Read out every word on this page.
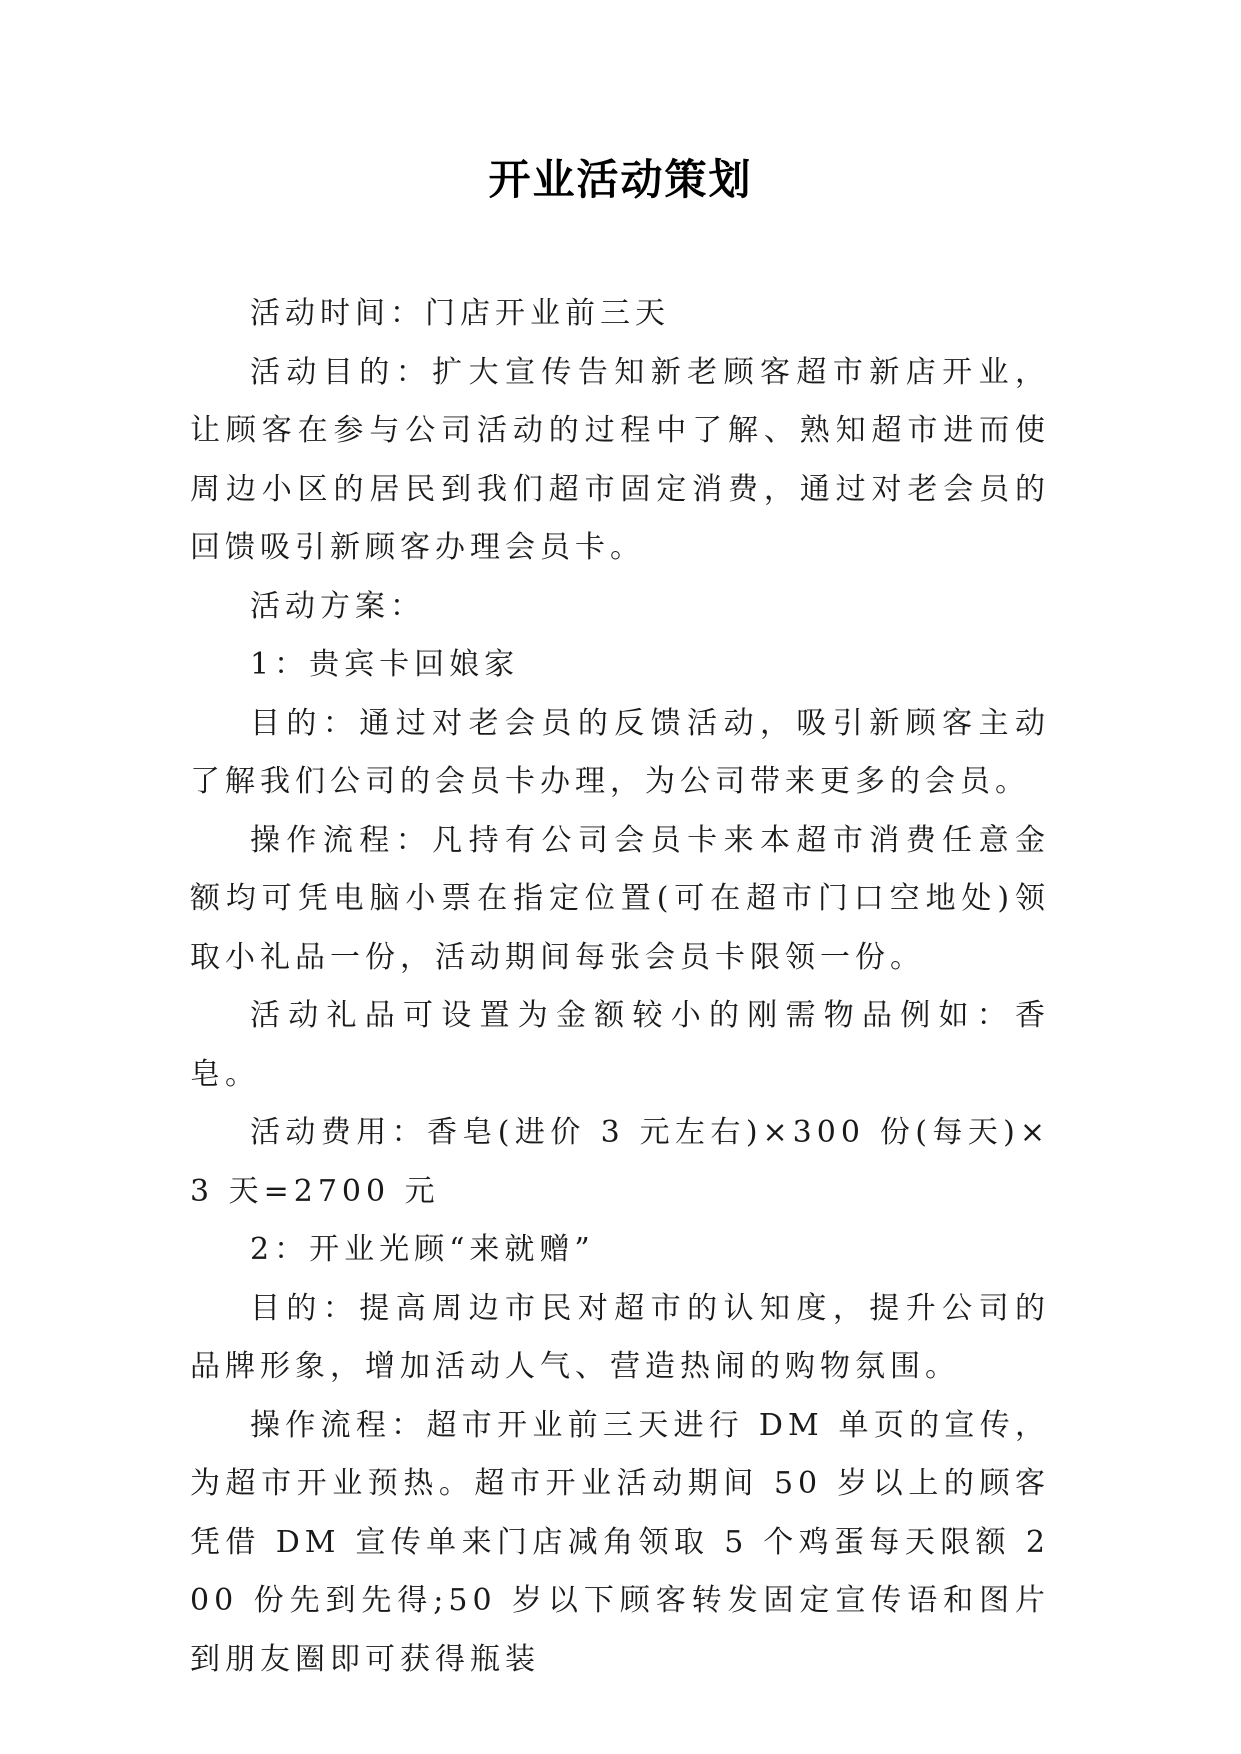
开业活动策划

活动时间：门店开业前三天

活动目的：扩大宣传告知新老顾客超市新店开业，让顾客在参与公司活动的过程中了解、熟知超市进而使周边小区的居民到我们超市固定消费，通过对老会员的回馈吸引新顾客办理会员卡。

活动方案：

1：贵宾卡回娘家

目的：通过对老会员的反馈活动，吸引新顾客主动了解我们公司的会员卡办理，为公司带来更多的会员。

操作流程：凡持有公司会员卡来本超市消费任意金额均可凭电脑小票在指定位置(可在超市门口空地处)领取小礼品一份，活动期间每张会员卡限领一份。

活动礼品可设置为金额较小的刚需物品例如：香皂。

活动费用：香皂(进价 3 元左右)×300 份(每天)×3 天=2700 元

2：开业光顾“来就赠”

目的：提高周边市民对超市的认知度，提升公司的品牌形象，增加活动人气、营造热闹的购物氛围。

操作流程：超市开业前三天进行 DM 单页的宣传，为超市开业预热。超市开业活动期间 50 岁以上的顾客凭借 DM 宣传单来门店减角领取 5 个鸡蛋每天限额 200 份先到先得;50 岁以下顾客转发固定宣传语和图片到朋友圈即可获得瓶装
